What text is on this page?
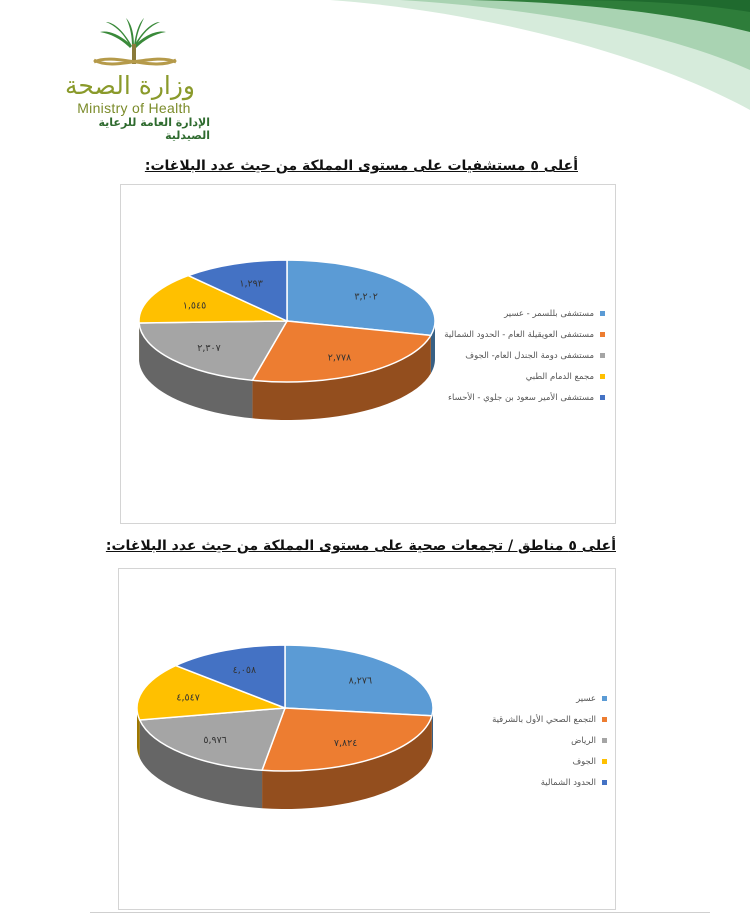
وزارة الصحة
Ministry of Health
الإدارة العامة للرعاية الصيدلية
أعلى ٥ مستشفيات على مستوى المملكة من حيث عدد البلاغات:
٣,٢٠٢
٢,٧٧٨
٢,٣٠٧
١,٥٤٥
١,٢٩٣
مستشفى بللسمر - عسير
مستشفى العويقيلة العام - الحدود الشمالية
مستشفى دومة الجندل العام- الجوف
مجمع الدمام الطبي
مستشفى الأمير سعود بن جلوي - الأحساء
أعلى ٥ مناطق / تجمعات صحية على مستوى المملكة من حيث عدد البلاغات:
٨,٢٧٦
٧,٨٢٤
٥,٩٧٦
٤,٥٤٧
٤,٠٥٨
عسير
التجمع الصحي الأول بالشرقية
الرياض
الجوف
الحدود الشمالية
